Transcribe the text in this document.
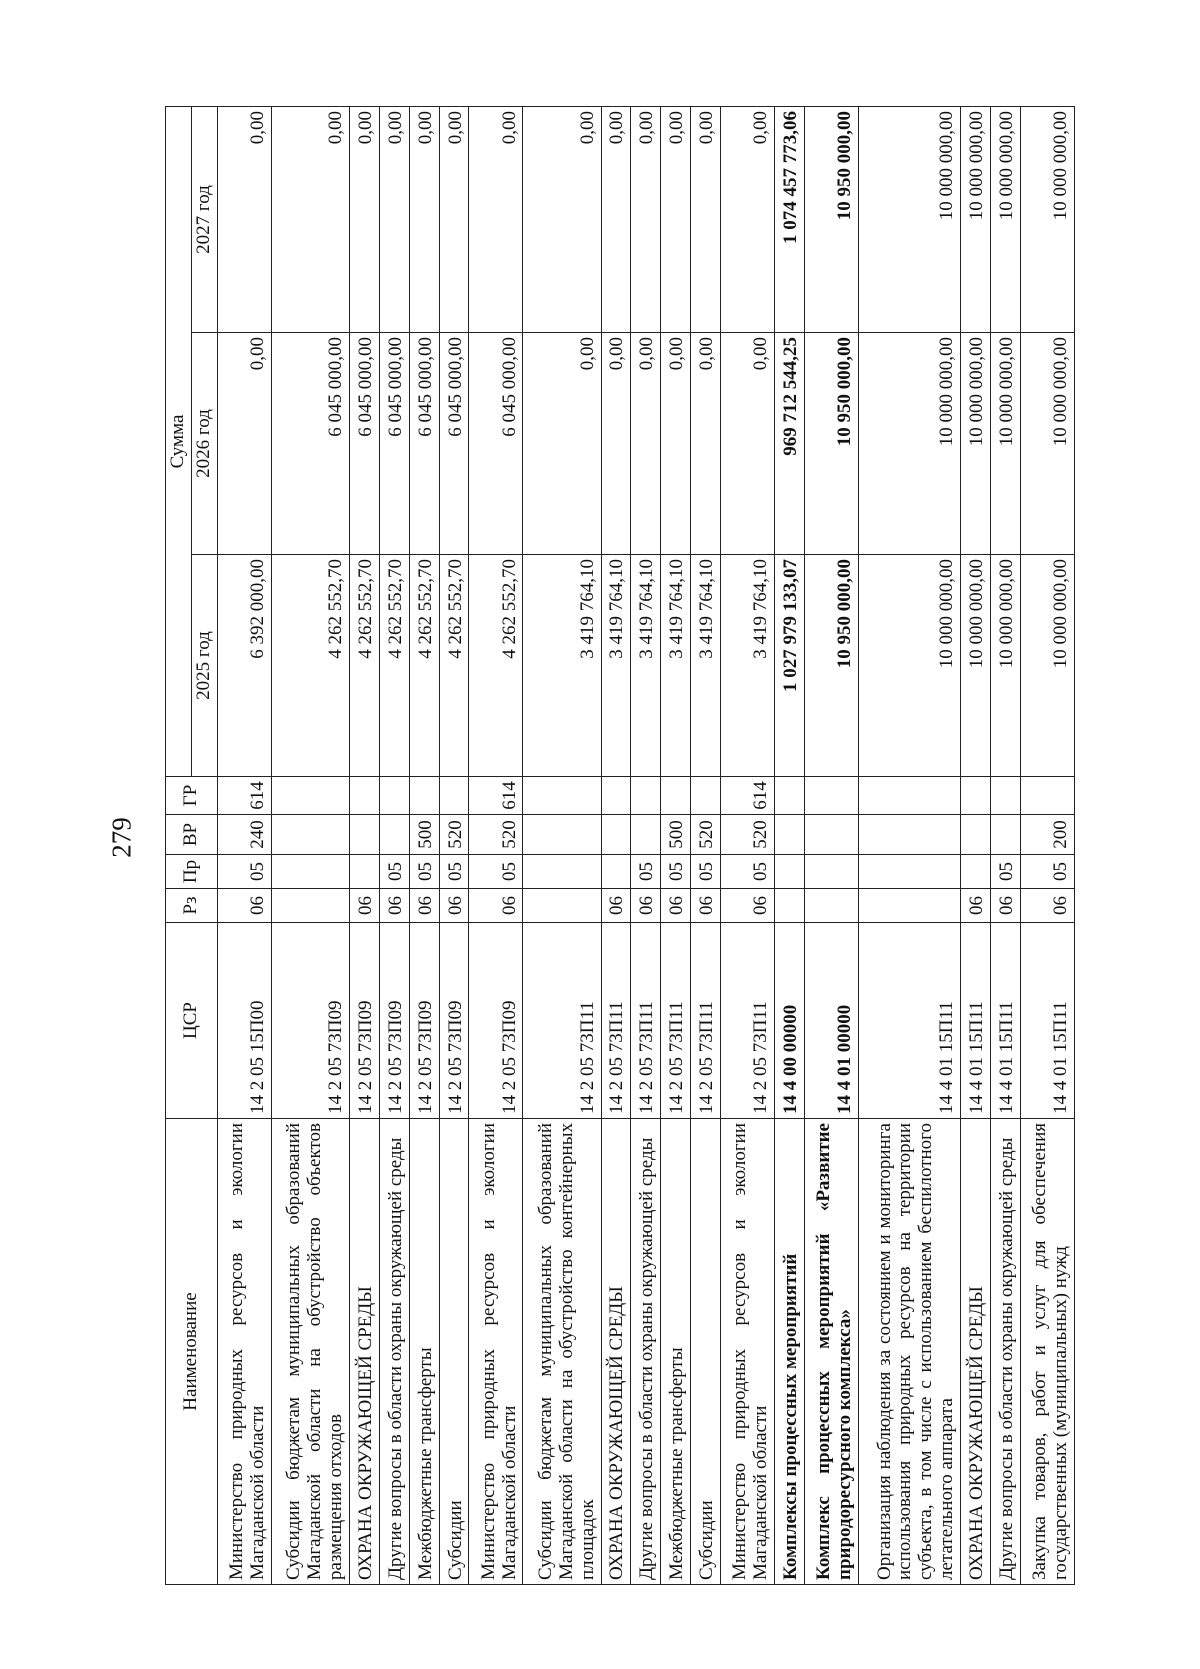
279
Наименование	ЦСР	Рз	Пр	ВР	ГР	Сумма		
						2025 год	2026 год	2027 год
Министерство природных ресурсов и экологии Магаданской области	14 2 05 15П00	06	05	240	614	6 392 000,00	0,00	0,00
Субсидии бюджетам муниципальных образований Магаданской области на обустройство объектов размещения отходов	14 2 05 73П09					4 262 552,70	6 045 000,00	0,00
ОХРАНА ОКРУЖАЮЩЕЙ СРЕДЫ	14 2 05 73П09	06				4 262 552,70	6 045 000,00	0,00
Другие вопросы в области охраны окружающей среды	14 2 05 73П09	06	05			4 262 552,70	6 045 000,00	0,00
Межбюджетные трансферты	14 2 05 73П09	06	05	500		4 262 552,70	6 045 000,00	0,00
Субсидии	14 2 05 73П09	06	05	520		4 262 552,70	6 045 000,00	0,00
Министерство природных ресурсов и экологии Магаданской области	14 2 05 73П09	06	05	520	614	4 262 552,70	6 045 000,00	0,00
Субсидии бюджетам муниципальных образований Магаданской области на обустройство контейнерных площадок	14 2 05 73П11					3 419 764,10	0,00	0,00
ОХРАНА ОКРУЖАЮЩЕЙ СРЕДЫ	14 2 05 73П11	06				3 419 764,10	0,00	0,00
Другие вопросы в области охраны окружающей среды	14 2 05 73П11	06	05			3 419 764,10	0,00	0,00
Межбюджетные трансферты	14 2 05 73П11	06	05	500		3 419 764,10	0,00	0,00
Субсидии	14 2 05 73П11	06	05	520		3 419 764,10	0,00	0,00
Министерство природных ресурсов и экологии Магаданской области	14 2 05 73П11	06	05	520	614	3 419 764,10	0,00	0,00
Комплексы процессных мероприятий	14 4 00 00000					1 027 979 133,07	969 712 544,25	1 074 457 773,06
Комплекс процессных мероприятий «Развитие природоресурсного комплекса»	14 4 01 00000					10 950 000,00	10 950 000,00	10 950 000,00
Организация наблюдения за состоянием и мониторинга использования природных ресурсов на территории субъекта, в том числе с использованием беспилотного летательного аппарата	14 4 01 15П11					10 000 000,00	10 000 000,00	10 000 000,00
ОХРАНА ОКРУЖАЮЩЕЙ СРЕДЫ	14 4 01 15П11	06				10 000 000,00	10 000 000,00	10 000 000,00
Другие вопросы в области охраны окружающей среды	14 4 01 15П11	06	05			10 000 000,00	10 000 000,00	10 000 000,00
Закупка товаров, работ и услуг для обеспечения государственных (муниципальных) нужд	14 4 01 15П11	06	05	200		10 000 000,00	10 000 000,00	10 000 000,00
